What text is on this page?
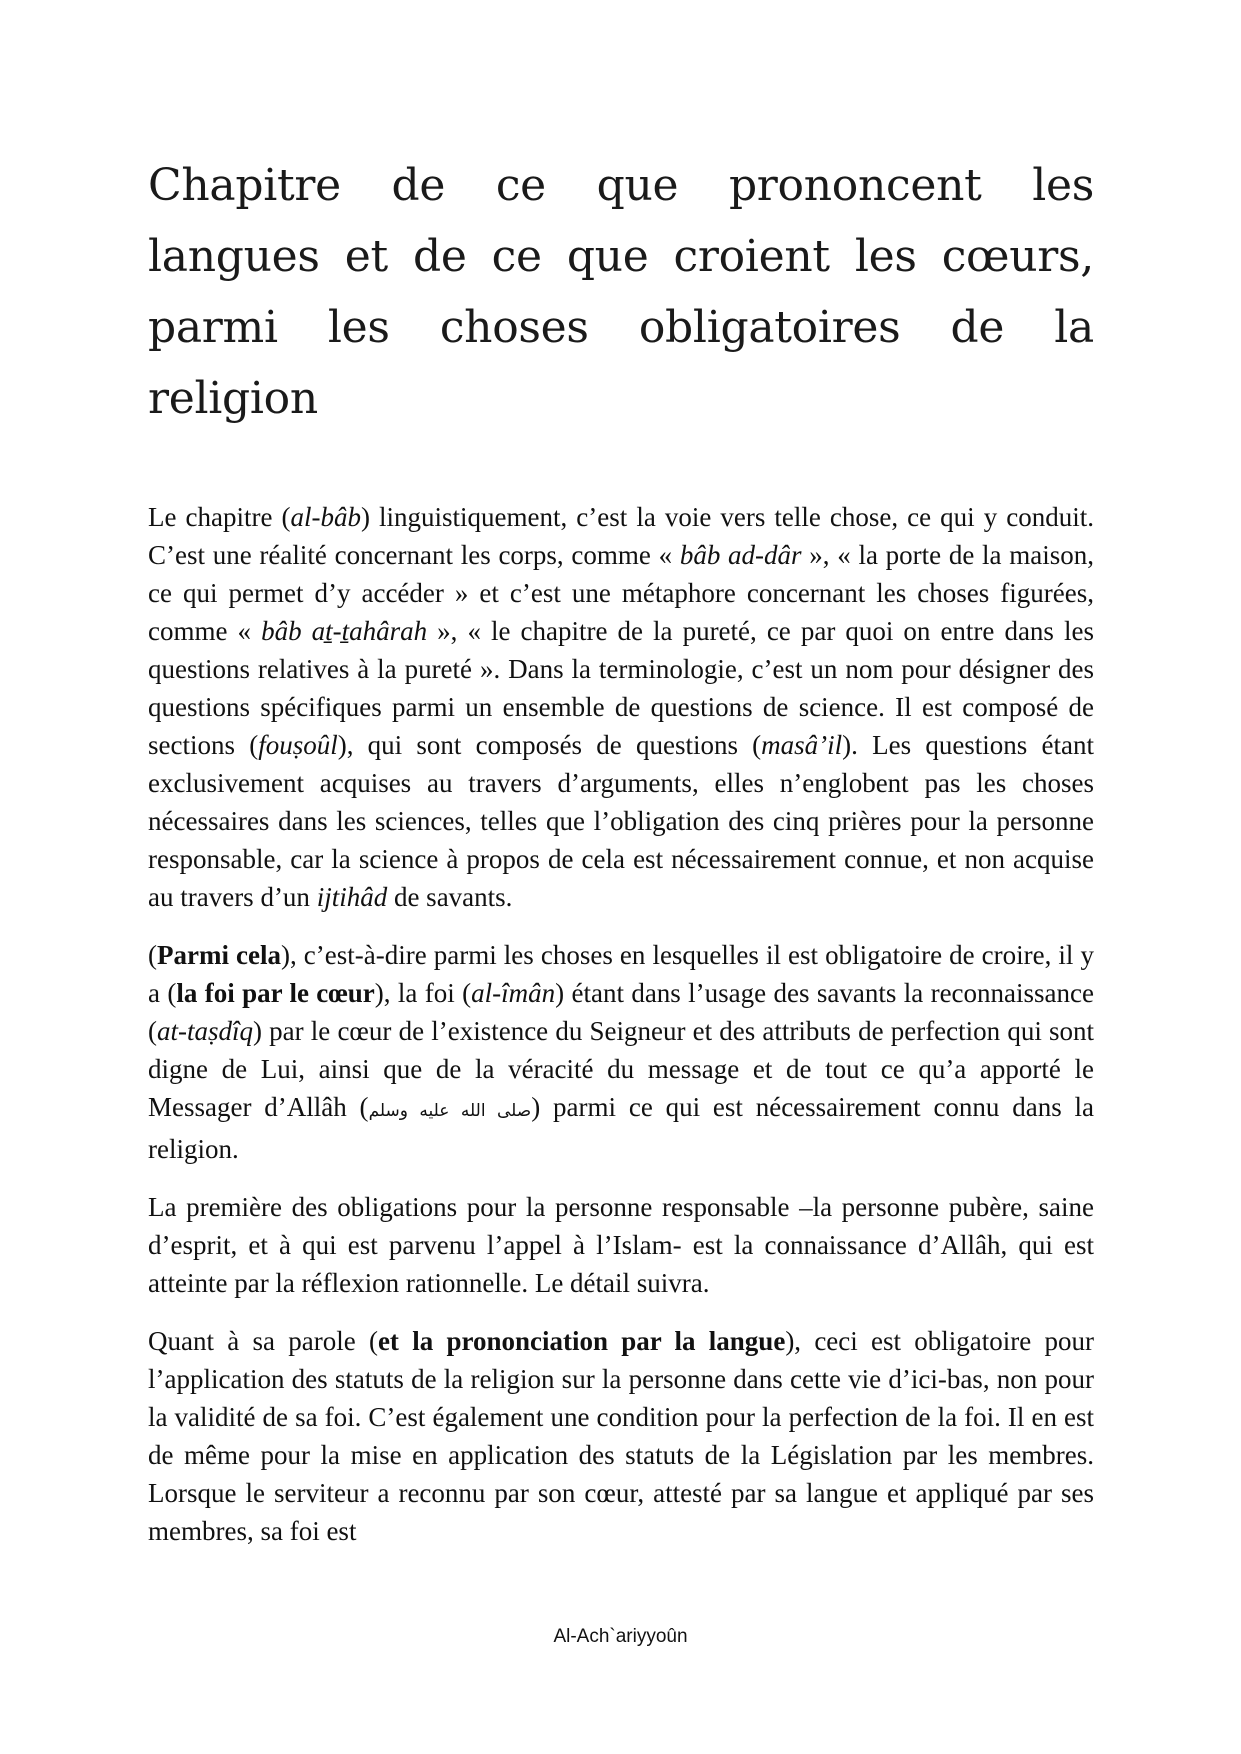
Chapitre de ce que prononcent les langues et de ce que croient les cœurs, parmi les choses obligatoires de la religion

Le chapitre (al-bâb) linguistiquement, c’est la voie vers telle chose, ce qui y conduit. C’est une réalité concernant les corps, comme « bâb ad-dâr », « la porte de la maison, ce qui permet d’y accéder » et c’est une métaphore concernant les choses figurées, comme « bâb aṯ-ṯahârah », « le chapitre de la pureté, ce par quoi on entre dans les questions relatives à la pureté ». Dans la terminologie, c’est un nom pour désigner des questions spécifiques parmi un ensemble de questions de science. Il est composé de sections (fouṣoûl), qui sont composés de questions (masâ’il). Les questions étant exclusivement acquises au travers d’arguments, elles n’englobent pas les choses nécessaires dans les sciences, telles que l’obligation des cinq prières pour la personne responsable, car la science à propos de cela est nécessairement connue, et non acquise au travers d’un ijtihâd de savants.

(Parmi cela), c’est-à-dire parmi les choses en lesquelles il est obligatoire de croire, il y a (la foi par le cœur), la foi (al-îmân) étant dans l’usage des savants la reconnaissance (at-taṣdîq) par le cœur de l’existence du Seigneur et des attributs de perfection qui sont digne de Lui, ainsi que de la véracité du message et de tout ce qu’a apporté le Messager d’Allâh (صلى الله عليه وسلم) parmi ce qui est nécessairement connu dans la religion.

La première des obligations pour la personne responsable –la personne pubère, saine d’esprit, et à qui est parvenu l’appel à l’Islam- est la connaissance d’Allâh, qui est atteinte par la réflexion rationnelle. Le détail suivra.

Quant à sa parole (et la prononciation par la langue), ceci est obligatoire pour l’application des statuts de la religion sur la personne dans cette vie d’ici-bas, non pour la validité de sa foi. C’est également une condition pour la perfection de la foi. Il en est de même pour la mise en application des statuts de la Législation par les membres. Lorsque le serviteur a reconnu par son cœur, attesté par sa langue et appliqué par ses membres, sa foi est

Al-Ach`ariyyoûn
